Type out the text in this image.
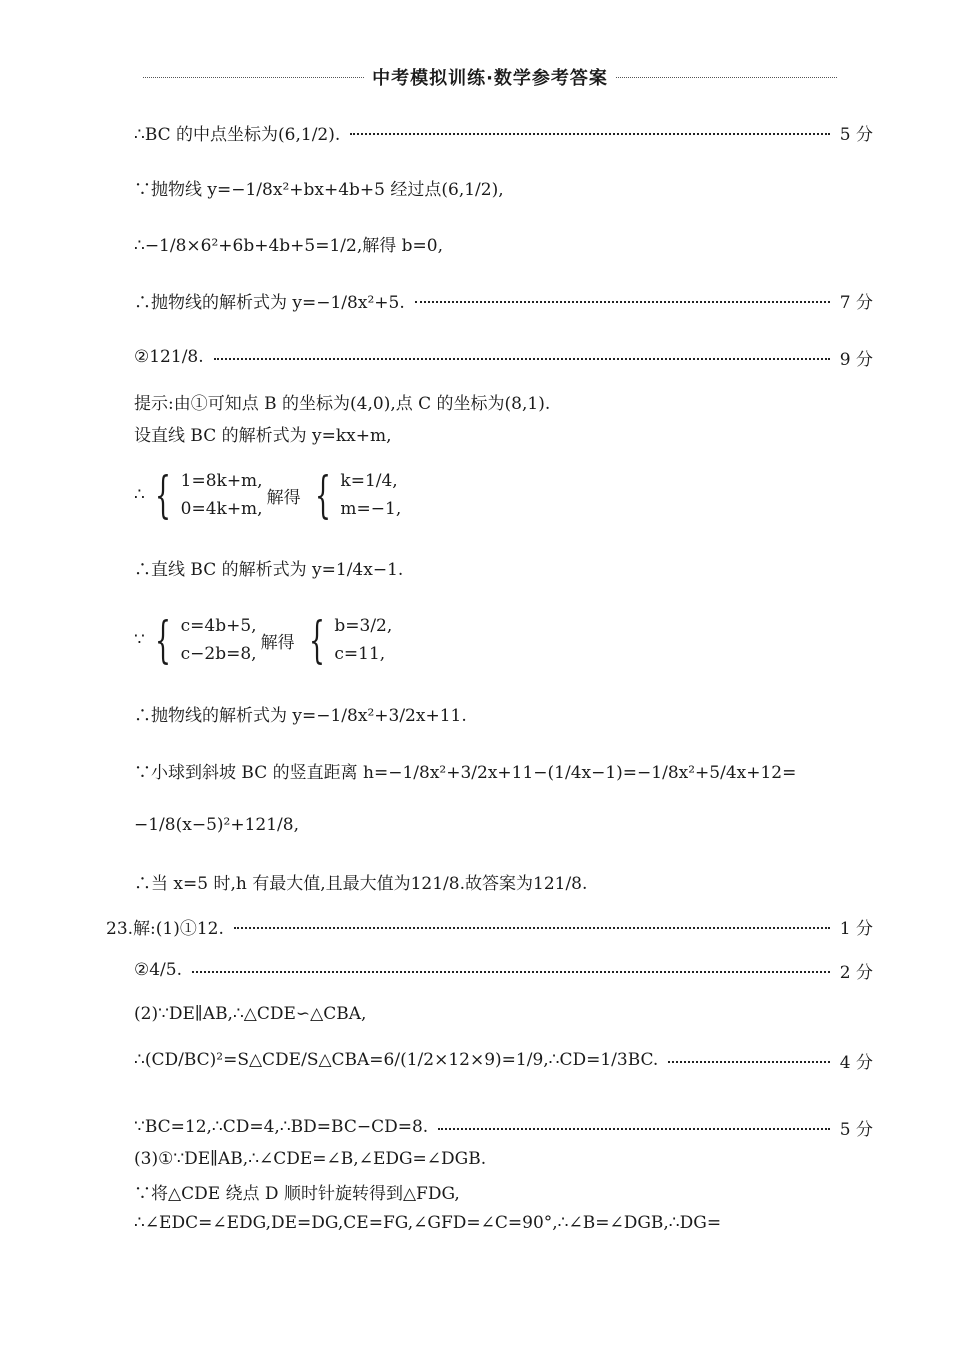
中考模拟训练·数学参考答案
∴BC 的中点坐标为(6,1/2).	5 分
∵抛物线 y=−1/8x²+bx+4b+5 经过点(6,1/2),
∴−1/8×6²+6b+4b+5=1/2,解得 b=0,
∴抛物线的解析式为 y=−1/8x²+5.	7 分
②121/8.	9 分
提示:由①可知点 B 的坐标为(4,0),点 C 的坐标为(8,1).
设直线 BC 的解析式为 y=kx+m,
∴ { 1=8k+m,
0=4k+m,
解得 { k=1/4,
m=−1,
∴直线 BC 的解析式为 y=1/4x−1.
∵ { c=4b+5,
c−2b=8,
解得 { b=3/2,
c=11,
∴抛物线的解析式为 y=−1/8x²+3/2x+11.
∵小球到斜坡 BC 的竖直距离 h=−1/8x²+3/2x+11−(1/4x−1)=−1/8x²+5/4x+12=
−1/8(x−5)²+121/8,
∴当 x=5 时,h 有最大值,且最大值为121/8.故答案为121/8.
23.解:(1)①12.	1 分
②4/5.	2 分
(2)∵DE∥AB,∴△CDE∽△CBA,
∴(CD/BC)²=S△CDE/S△CBA=6/(1/2×12×9)=1/9,∴CD=1/3BC.	4 分
∵BC=12,∴CD=4,∴BD=BC−CD=8.	5 分
(3)①∵DE∥AB,∴∠CDE=∠B,∠EDG=∠DGB.
∵将△CDE 绕点 D 顺时针旋转得到△FDG,
∴∠EDC=∠EDG,DE=DG,CE=FG,∠GFD=∠C=90°,∴∠B=∠DGB,∴DG=
